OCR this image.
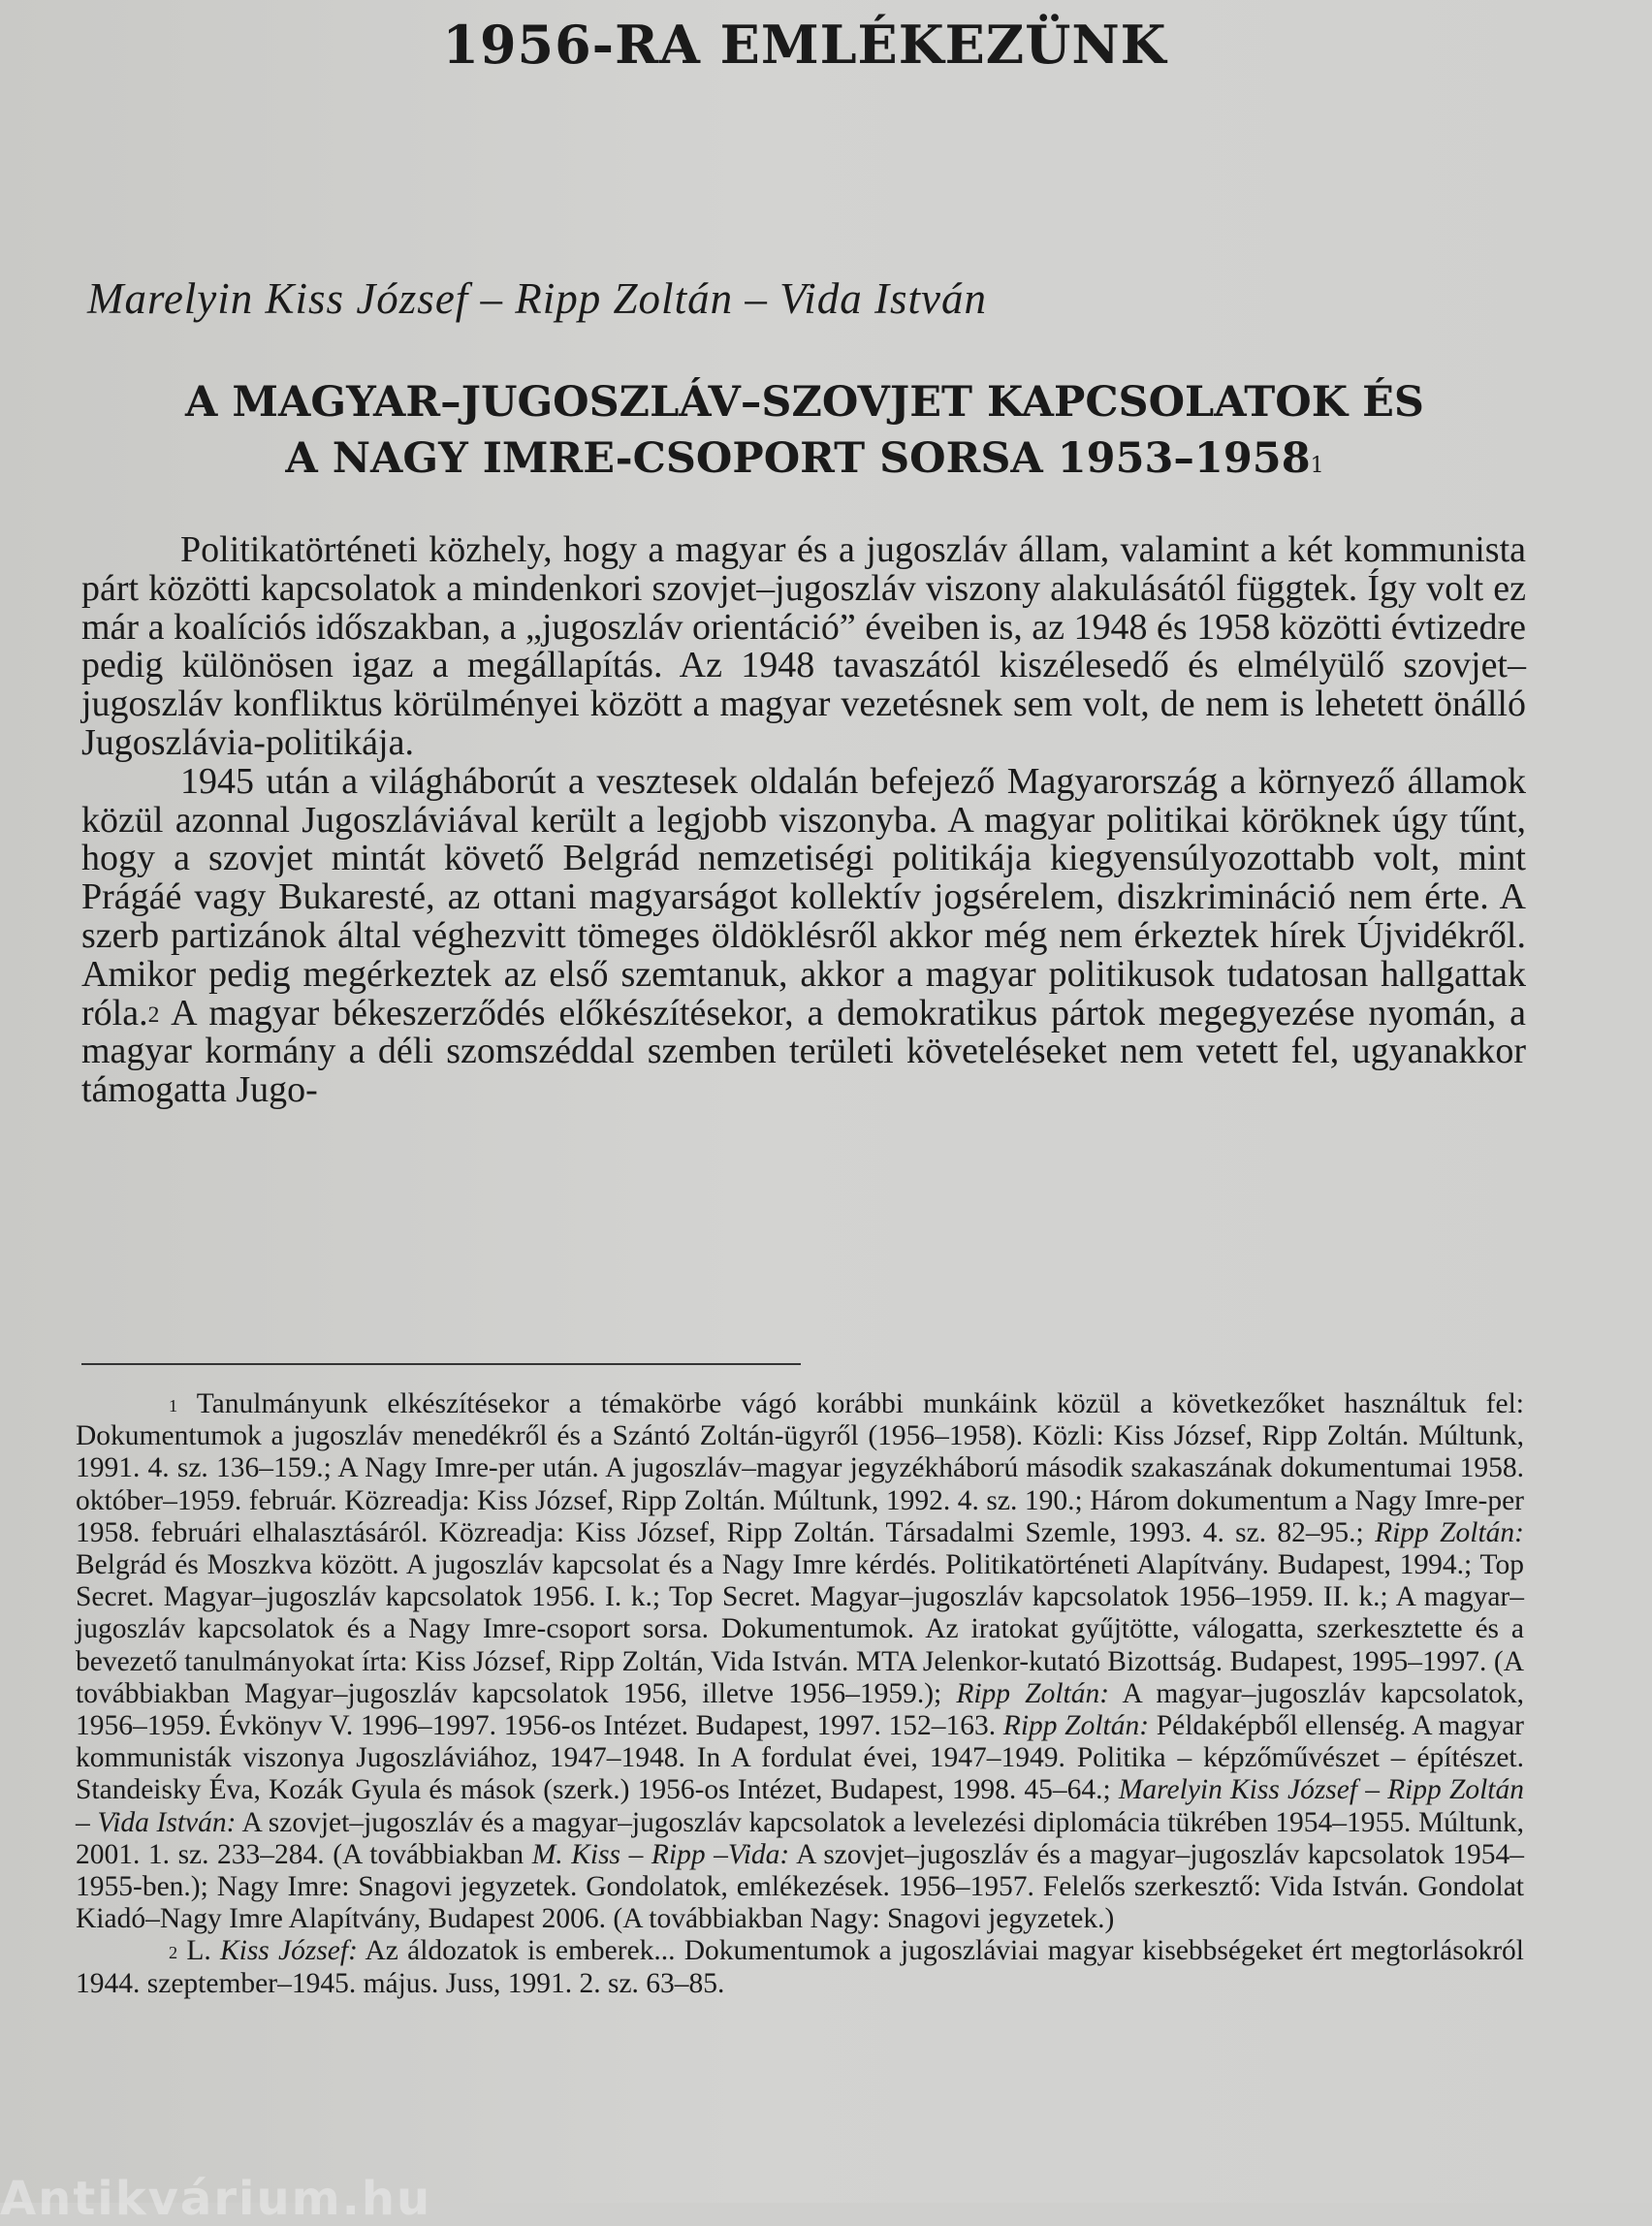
1956-RA EMLÉKEZÜNK
Marelyin Kiss József – Ripp Zoltán – Vida István
A MAGYAR–JUGOSZLÁV–SZOVJET KAPCSOLATOK ÉS
A NAGY IMRE-CSOPORT SORSA 1953–1958$^1$

Politikatörténeti közhely, hogy a magyar és a jugoszláv állam, valamint a két kommunista párt közötti kapcsolatok a mindenkori szovjet–jugoszláv viszony alakulásától függtek. Így volt ez már a koalíciós időszakban, a „jugoszláv orientáció” éveiben is, az 1948 és 1958 közötti évtizedre pedig különösen igaz a megállapítás. Az 1948 tavaszától kiszélesedő és elmélyülő szovjet–jugoszláv konfliktus körülményei között a magyar vezetésnek sem volt, de nem is lehetett önálló Jugoszlávia-politikája.

1945 után a világháborút a vesztesek oldalán befejező Magyarország a környező államok közül azonnal Jugoszláviával került a legjobb viszonyba. A magyar politikai köröknek úgy tűnt, hogy a szovjet mintát követő Belgrád nemzetiségi politikája kiegyensúlyozottabb volt, mint Prágáé vagy Bukaresté, az ottani magyarságot kollektív jogsérelem, diszkrimináció nem érte. A szerb partizánok által véghezvitt tömeges öldöklésről akkor még nem érkeztek hírek Újvidékről. Amikor pedig megérkeztek az első szemtanuk, akkor a magyar politikusok tudatosan hallgattak róla.$^2$ A magyar békeszerződés előkészítésekor, a demokratikus pártok megegyezése nyomán, a magyar kormány a déli szomszéddal szemben területi követeléseket nem vetett fel, ugyanakkor támogatta Jugo-

$^1$ Tanulmányunk elkészítésekor a témakörbe vágó korábbi munkáink közül a következőket használtuk fel: Dokumentumok a jugoszláv menedékről és a Szántó Zoltán-ügyről (1956–1958). Közli: Kiss József, Ripp Zoltán. Múltunk, 1991. 4. sz. 136–159.; A Nagy Imre-per után. A jugoszláv–magyar jegyzékháború második szakaszának dokumentumai 1958. október–1959. február. Közreadja: Kiss József, Ripp Zoltán. Múltunk, 1992. 4. sz. 190.; Három dokumentum a Nagy Imre-per 1958. februári elhalasztásáról. Közreadja: Kiss József, Ripp Zoltán. Társadalmi Szemle, 1993. 4. sz. 82–95.; Ripp Zoltán: Belgrád és Moszkva között. A jugoszláv kapcsolat és a Nagy Imre kérdés. Politikatörténeti Alapítvány. Budapest, 1994.; Top Secret. Magyar–jugoszláv kapcsolatok 1956. I. k.; Top Secret. Magyar–jugoszláv kapcsolatok 1956–1959. II. k.; A magyar–jugoszláv kapcsolatok és a Nagy Imre-csoport sorsa. Dokumentumok. Az iratokat gyűjtötte, válogatta, szerkesztette és a bevezető tanulmányokat írta: Kiss József, Ripp Zoltán, Vida István. MTA Jelenkor-kutató Bizottság. Budapest, 1995–1997. (A továbbiakban Magyar–jugoszláv kapcsolatok 1956, illetve 1956–1959.); Ripp Zoltán: A magyar–jugoszláv kapcsolatok, 1956–1959. Évkönyv V. 1996–1997. 1956-os Intézet. Budapest, 1997. 152–163. Ripp Zoltán: Példaképből ellenség. A magyar kommunisták viszonya Jugoszláviához, 1947–1948. In A fordulat évei, 1947–1949. Politika – képzőművészet – építészet. Standeisky Éva, Kozák Gyula és mások (szerk.) 1956-os Intézet, Budapest, 1998. 45–64.; Marelyin Kiss József – Ripp Zoltán – Vida István: A szovjet–jugoszláv és a magyar–jugoszláv kapcsolatok a levelezési diplomácia tükrében 1954–1955. Múltunk, 2001. 1. sz. 233–284. (A továbbiakban M. Kiss – Ripp –Vida: A szovjet–jugoszláv és a magyar–jugoszláv kapcsolatok 1954–1955-ben.); Nagy Imre: Snagovi jegyzetek. Gondolatok, emlékezések. 1956–1957. Felelős szerkesztő: Vida István. Gondolat Kiadó–Nagy Imre Alapítvány, Budapest 2006. (A továbbiakban Nagy: Snagovi jegyzetek.)

$^2$ L. Kiss József: Az áldozatok is emberek... Dokumentumok a jugoszláviai magyar kisebbségeket ért megtorlásokról 1944. szeptember–1945. május. Juss, 1991. 2. sz. 63–85.

Antikvárium.hu
